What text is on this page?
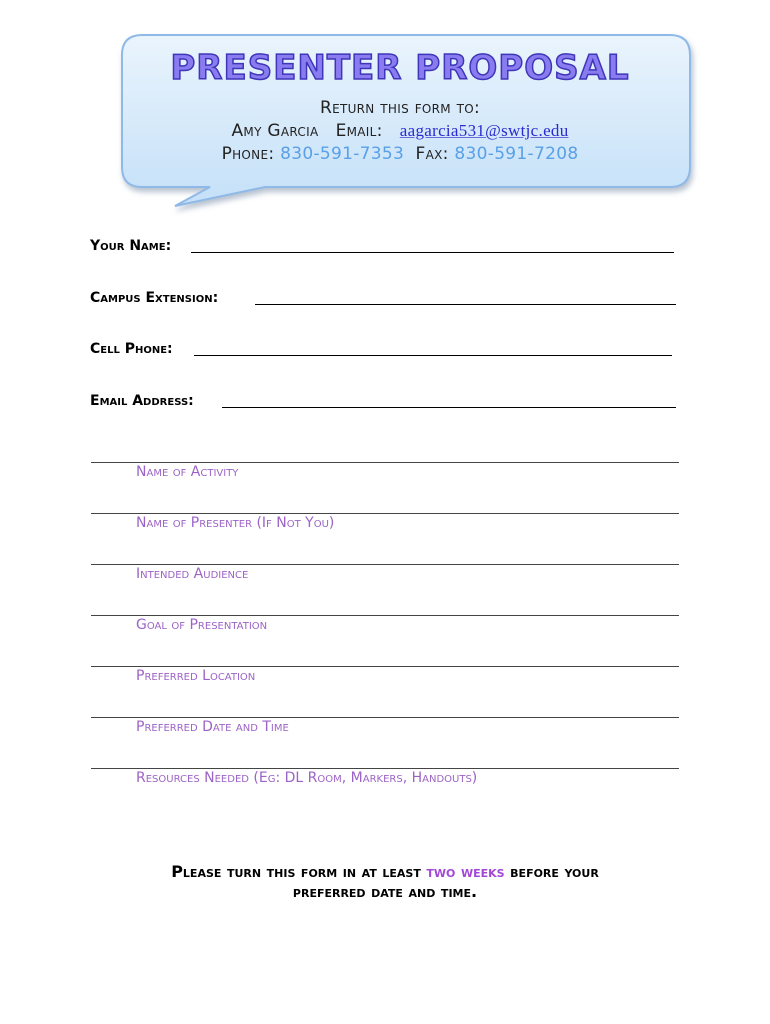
PRESENTER PROPOSAL
Return this form to:
Amy Garcia Email: aagarcia531@swtjc.edu
Phone: 830-591-7353 Fax: 830-591-7208
Your Name:
Campus Extension:
Cell Phone:
Email Address:
Name of Activity
Name of Presenter (If Not You)
Intended Audience
Goal of Presentation
Preferred Location
Preferred Date and Time
Resources Needed (Eg: DL Room, Markers, Handouts)
Please turn this form in at least two weeks before your
preferred date and time.
